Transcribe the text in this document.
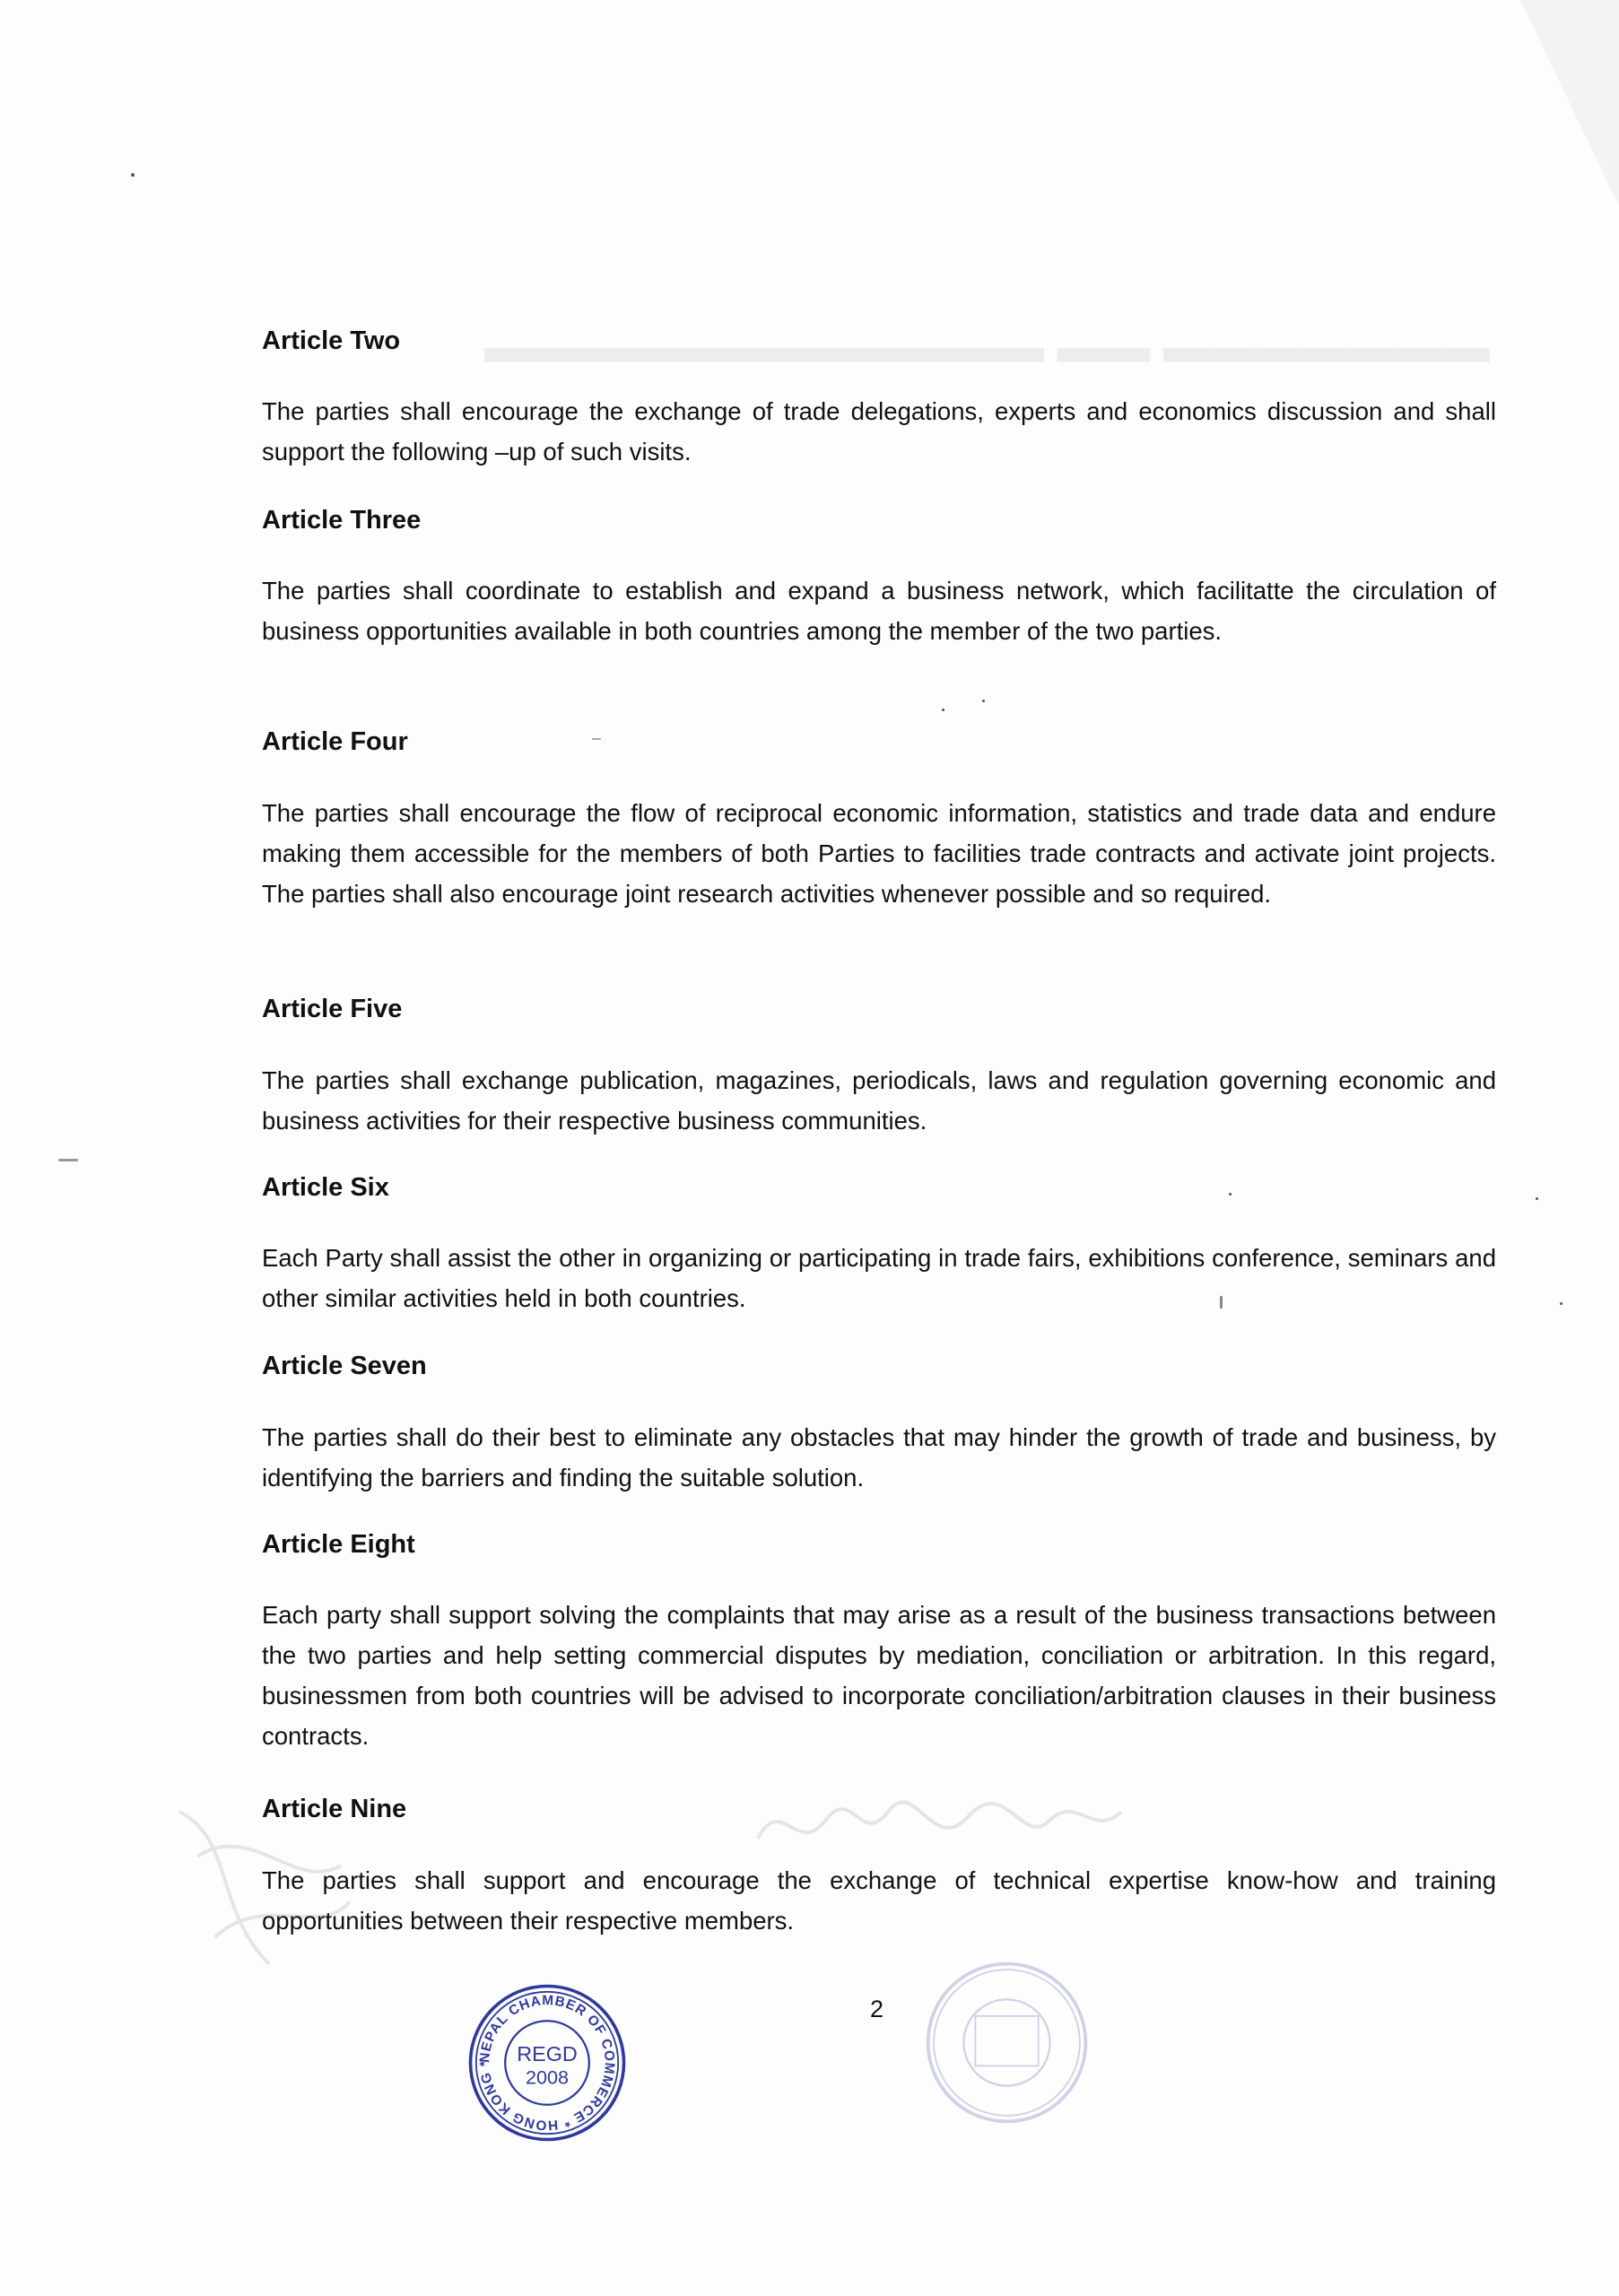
▬▬▬▬▬▬▬ ▬▬ ▬▬▬▬▬▬▬▬▬▬▬▬
Article Two

The parties shall encourage the exchange of trade delegations, experts and economics discussion and shall support the following –up of such visits.

Article Three

The parties shall coordinate to establish and expand a business network, which facilitatte the circulation of business opportunities available in both countries among the member of the two parties.

Article Four

The parties shall encourage the flow of reciprocal economic information, statistics and trade data and endure making them accessible for the members of both Parties to facilities trade contracts and activate joint projects. The parties shall also encourage joint research activities whenever possible and so required.

Article Five

The parties shall exchange publication, magazines, periodicals, laws and regulation governing economic and business activities for their respective business communities.

Article Six

Each Party shall assist the other in organizing or participating in trade fairs, exhibitions conference, seminars and other similar activities held in both countries.

Article Seven

The parties shall do their best to eliminate any obstacles that may hinder the growth of trade and business, by identifying the barriers and finding the suitable solution.

Article Eight

Each party shall support solving the complaints that may arise as a result of the business transactions between the two parties and help setting commercial disputes by mediation, conciliation or arbitration. In this regard, businessmen from both countries will be advised to incorporate conciliation/arbitration clauses in their business contracts.

Article Nine

The parties shall support and encourage the exchange of technical expertise know-how and training opportunities between their respective members.

2
NEPAL CHAMBER OF COMMERCE * HONG KONG *	REGD
2008
